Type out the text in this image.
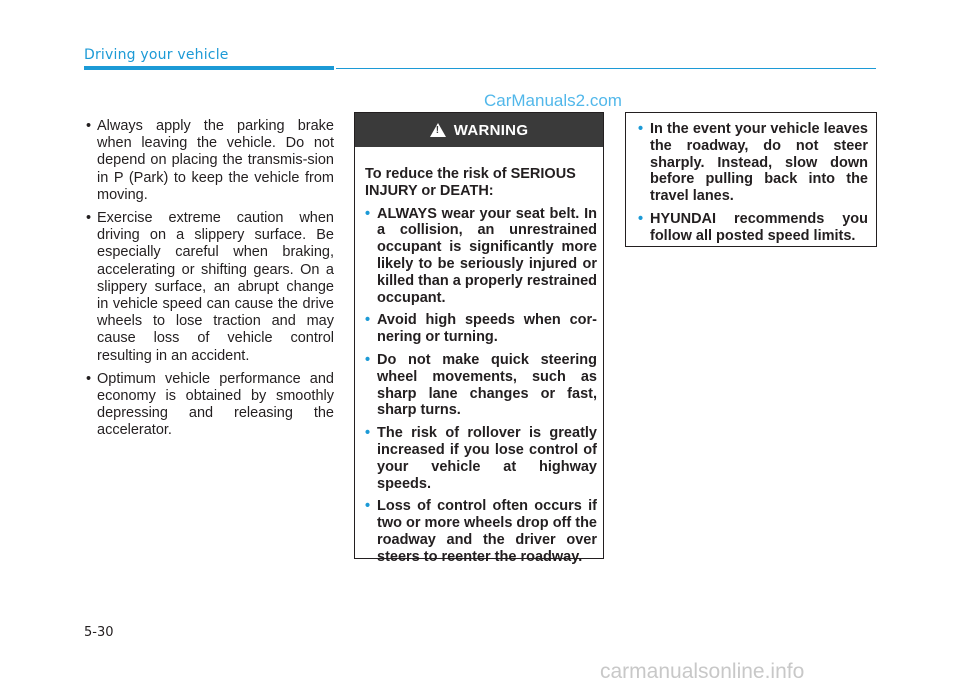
Driving your vehicle
CarManuals2.com
• Always apply the parking brake when leaving the vehicle. Do not depend on placing the transmis-sion in P (Park) to keep the vehicle from moving.
• Exercise extreme caution when driving on a slippery surface. Be especially careful when braking, accelerating or shifting gears. On a slippery surface, an abrupt change in vehicle speed can cause the drive wheels to lose traction and may cause loss of vehicle control resulting in an accident.
• Optimum vehicle performance and economy is obtained by smoothly depressing and releasing the accelerator.
! WARNING
To reduce the risk of SERIOUS INJURY or DEATH:
• ALWAYS wear your seat belt. In a collision, an unrestrained occupant is significantly more likely to be seriously injured or killed than a properly restrained occupant.
• Avoid high speeds when cor-nering or turning.
• Do not make quick steering wheel movements, such as sharp lane changes or fast, sharp turns.
• The risk of rollover is greatly increased if you lose control of your vehicle at highway speeds.
• Loss of control often occurs if two or more wheels drop off the roadway and the driver over steers to reenter the roadway.
• In the event your vehicle leaves the roadway, do not steer sharply. Instead, slow down before pulling back into the travel lanes.
• HYUNDAI recommends you follow all posted speed limits.
5-30
carmanualsonline.info
